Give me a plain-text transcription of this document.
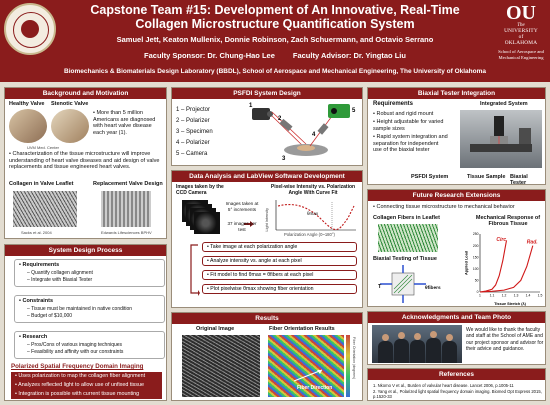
Capstone Team #15: Development of An Innovative, Real-Time
Collagen Microstructure Quantification System
Samuel Jett, Keaton Mullenix, Donnie Robinson, Zach Schuermann, and Octavio Serrano
Faculty Sponsor: Dr. Chung-Hao Lee Faculty Advisor: Dr. Yingtao Liu
Biomechanics & Biomaterials Design Laboratory (BBDL), School of Aerospace and Mechanical Engineering, The University of Oklahoma
OU
The
UNIVERSITY
of
OKLAHOMA
School of Aerospace and
Mechanical Engineering
Background and Motivation
Healthy Valve Stenotic Valve
UVM Med. Center
• More than 5 million Americans are diagnosed with heart valve disease each year (1).
• Characterization of the tissue microstructure will improve understanding of heart valve diseases and aid design of valve replacements and tissue engineered heart valves.
Collagen in Valve Leaflet	Replacement Valve Design
Sacks et al. 2004	Edwards Lifesciences BPHV
System Design Process
• Requirements
– Quantify collagen alignment
– Integrate with Biaxial Tester
• Constraints
– Tissue must be maintained in native condition
– Budget of $10,000
• Research
– Pros/Cons of various imaging techniques
– Feasibility and affinity with our constraints
Polarized Spatial Frequency Domain Imaging
• Uses polarization to map the collagen fiber alignment
• Analyzes reflected light to allow use of unfixed tissue
• Integration is possible with current tissue mounting
PSFDI System Design
1 – Projector
2 – Polarizer
3 – Specimen
4 – Polarizer
5 – Camera
1
2
3
4
5
Data Analysis and LabView Software Development
Images taken by the CCD Camera
Images taken at 5° increments
37 images per test
Pixel-wise Intensity vs. Polarization Angle With Curve Fit
Light Intensity	θmax
Polarization Angle (0~180°)
• Take image at each polarization angle
• Analyze intensity vs. angle at each pixel
• Fit model to find θmax = θfibers at each pixel
• Plot pixelwise θmax showing fiber orientation
Results
Original Image	Fiber Orientation Results
Fiber Direction
Fiber Orientation (degrees)
Biaxial Tester Integration
Requirements	Integrated System
• Robust and rigid mount
• Height adjustable for varied sample sizes
• Rapid system integration and separation for independent use of the biaxial tester
PSFDI System	Tissue Sample Biaxial Tester
Future Research Extensions
• Connecting tissue microstructure to mechanical behavior
Collagen Fibers in Leaflet
Biaxial Testing of Tissue
T	θfibers
Mechanical Response of Fibrous Tissue
0
50
100
150
200
250
1	1.1 1.2 1.3 1.4 1.5
Circ.	Rad.
Tissue Stretch (λ)
Applied Load
Acknowledgments and Team Photo
We would like to thank the faculty and staff at the School of AME and our project sponsor and advisor for their advice and guidance.
References
1. Nkomo V et al., Burden of valvular heart disease. Lancet 2006, p.1005-11
2. Yang et al., Polarized light spatial frequency domain imaging. Biomed Opt Express 2015, p.1520-33
